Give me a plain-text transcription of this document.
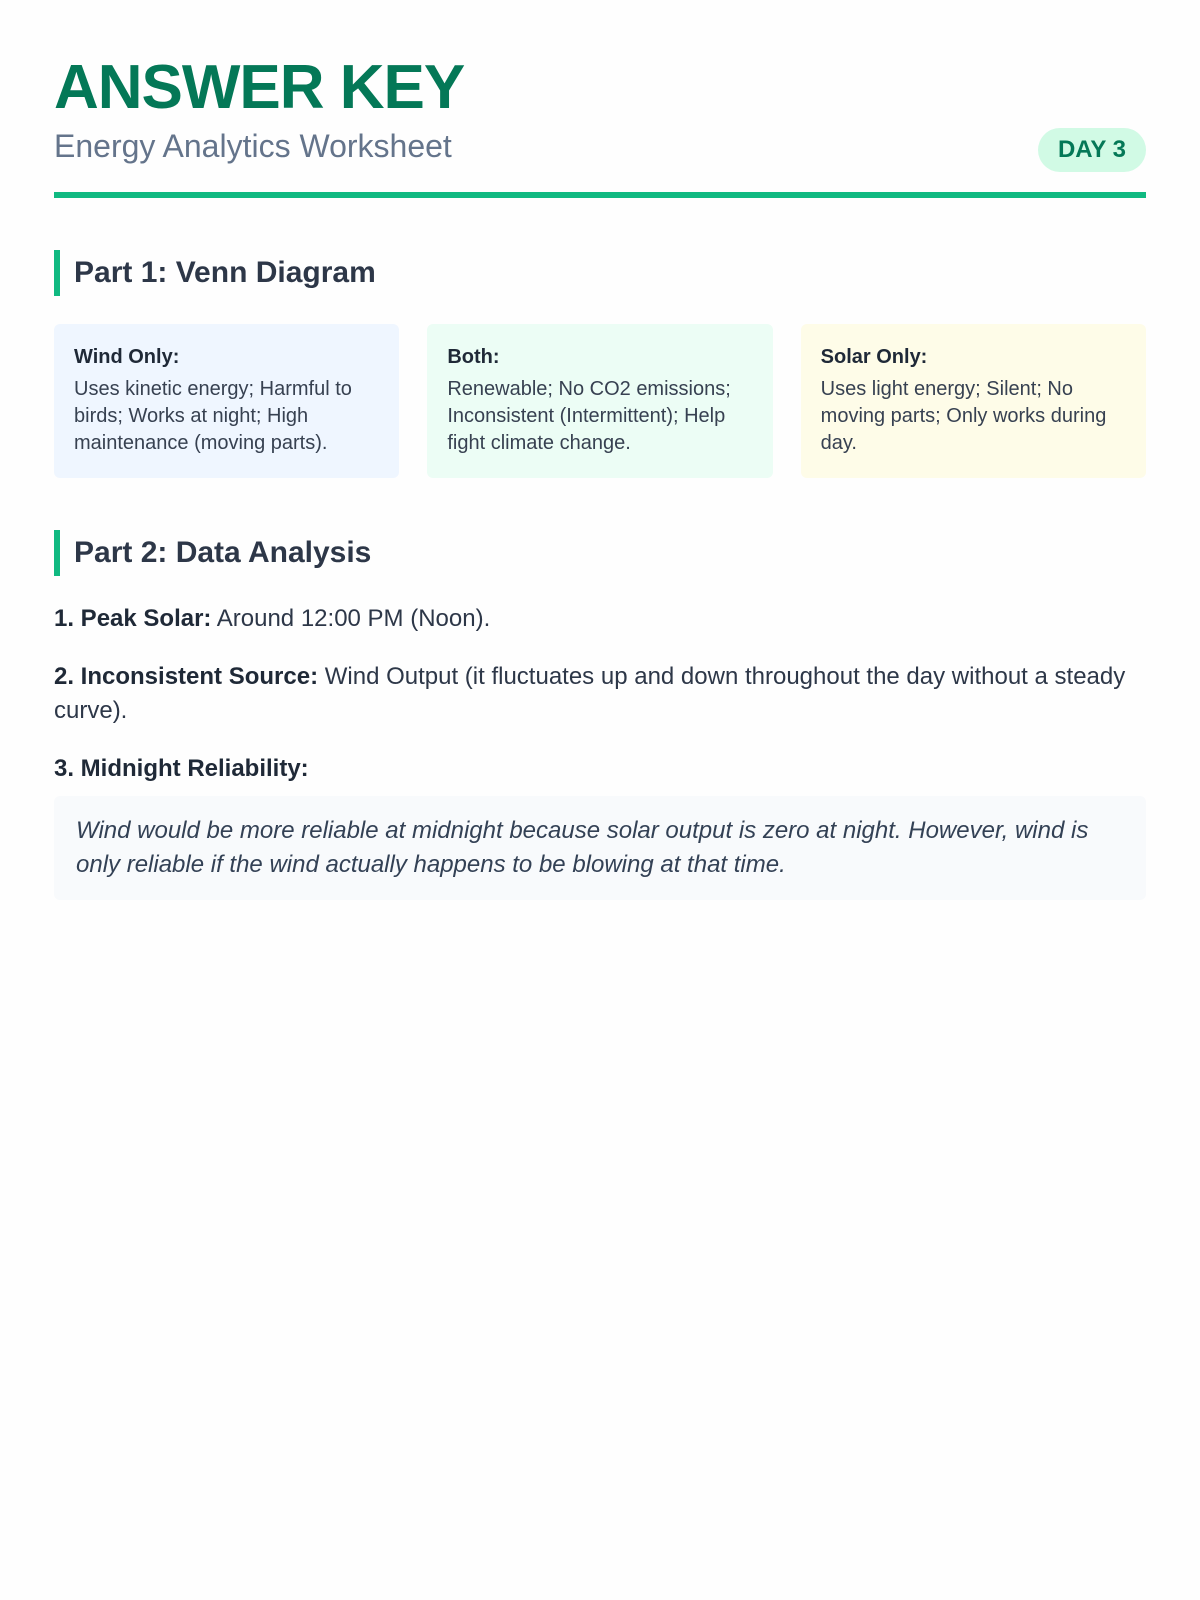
ANSWER KEY
Energy Analytics Worksheet	DAY 3
Part 1: Venn Diagram
Wind Only:
Uses kinetic energy; Harmful to birds; Works at night; High maintenance (moving parts).
Both:
Renewable; No CO2 emissions; Inconsistent (Intermittent); Help fight climate change.
Solar Only:
Uses light energy; Silent; No moving parts; Only works during day.
Part 2: Data Analysis

1. Peak Solar: Around 12:00 PM (Noon).

2. Inconsistent Source: Wind Output (it fluctuates up and down throughout the day without a steady curve).

3. Midnight Reliability:
Wind would be more reliable at midnight because solar output is zero at night. However, wind is only reliable if the wind actually happens to be blowing at that time.
